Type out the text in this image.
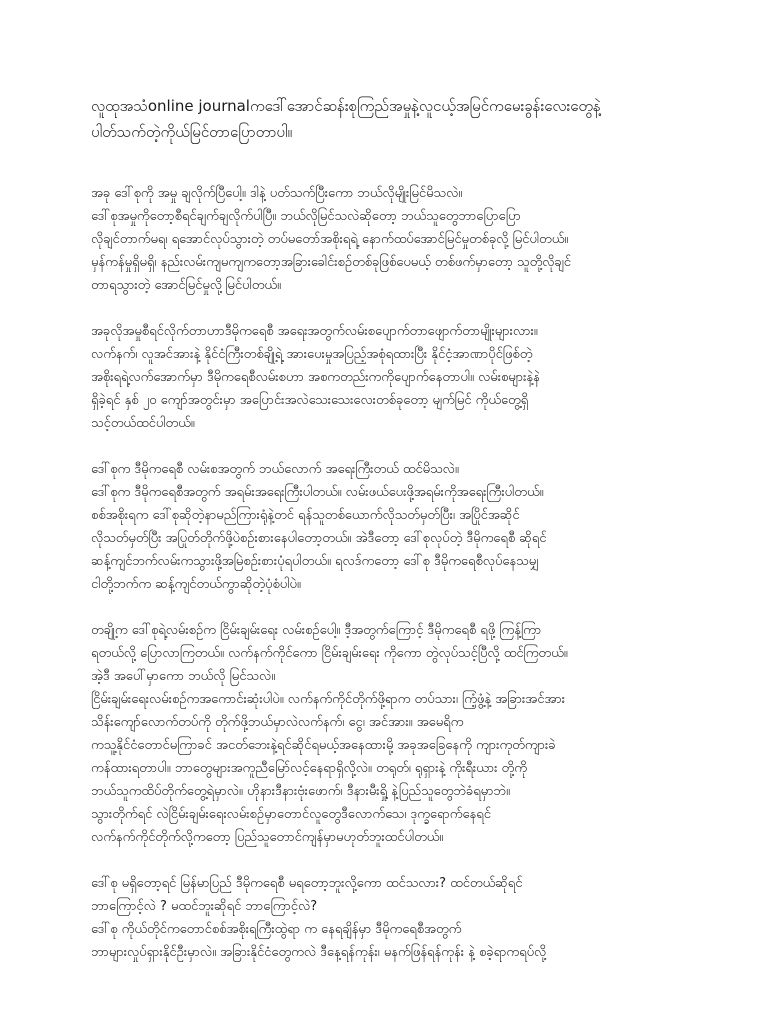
လူထုအသံonline journalကဒေါ်အောင်ဆန်းစုကြည်အမှုနဲ့လူငယ့်အမြင်ကမေးခွန်းလေးတွေနဲ့
ပါတ်သက်တဲ့ကိုယ်မြင်တာပြောတာပါ။

အခု ဒေါ်စုကို အမှု ချလိုက်ပြီပေါ့။ ဒါနဲ့ ပတ်သက်ပြီးကော ဘယ်လိုမျိုးမြင်မိသလဲ။
ဒေါ်စုအမှုကိုတော့စီရင်ချက်ချလိုက်ပါပြီ။ ဘယ်လိုမြင်သလဲဆိုတော့ ဘယ်သူတွေဘာပြောပြော
လိုချင်တာက်မရ၊ ရအောင်လုပ်သွားတဲ့ တပ်မတော်အစိုးရရဲ့ နောက်ထပ်အောင်မြင်မှုတစ်ခုလို့ မြင်ပါတယ်။
မှန်ကန်မှုရှိမရှိ၊ နည်းလမ်းကျမကျကတော့အခြားခေါင်းစဉ်တစ်ခုဖြစ်ပေမယ့် တစ်ဖက်မှာတော့ သူတို့လိုချင်
တာရသွားတဲ့ အောင်မြင်မှုလို့မြင်ပါတယ်။

အခုလိုအမှုစီရင်လိုက်တာဟာဒီမိုကရေစီ အရေးအတွက်လမ်းစပျောက်တာဖျောက်တာမျိုးများလား။
လက်နက်၊ လူအင်အားနဲ့ နိုင်ငံကြီးတစ်ချို့ရဲ့ အားပေးမှုအပြည့်အစုံရထားပြီး နိုင်ငံ့အာဏာပိုင်ဖြစ်တဲ့
အစိုးရရဲ့လက်အောက်မှာ ဒီမိုကရေစီလမ်းစဟာ အစကတည်းကကိုပျောက်နေတာပါ။ လမ်းစများနဲ့နဲ
ရှိခဲ့ရင် နှစ် ၂၀ ကျော်အတွင်းမှာ အပြောင်းအလဲသေးသေးလေးတစ်ခုတော့ မျက်မြင် ကိုယ်တွေ့ရှိ
သင့်တယ်ထင်ပါတယ်။

ဒေါ်စုက ဒီမိုကရေစီ လမ်းစအတွက် ဘယ်လောက် အရေးကြီးတယ် ထင်မိသလဲ။
ဒေါ်စုက ဒီမိုကရေစီအတွက် အရမ်းအရေးကြီးပါတယ်။ လမ်းဖယ်ပေးဖို့အရမ်းကိုအရေးကြီးပါတယ်။
စစ်အစိုးရက ဒေါ်စုဆိုတဲ့နာမည်ကြားရုံနဲ့တင် ရန်သူတစ်ယောက်လိုသတ်မှတ်ပြီး၊ အပြိုင်အဆိုင်
လိုသတ်မှတ်ပြီး အပြုတ်တိုက်ဖို့ပဲစဉ်းစားနေပါတော့တယ်။ အဲဒီတော့ ဒေါ်စုလုပ်တဲ့ ဒီမိုကရေစီ ဆိုရင်
ဆန့်ကျင်ဘက်လမ်းကသွားဖို့အမြဲစဉ်းစားပုံရပါတယ်။ ရလဒ်ကတော့ ဒေါ်စု ဒီမိုကရေစီလုပ်နေသမျှ
ငါတို့ဘက်က ဆန့်ကျင်တယ်ကွာဆိုတဲ့ပုံစံပါပဲ။

တချို့က ဒေါ်စုရဲ့လမ်းစဉ်က ငြိမ်းချမ်းရေး လမ်းစဉ်ပေါ့။ ဒီ့အတွက်ကြောင့် ဒီမိုကရေစီ ရဖို့ ကြန့်ကြာ
ရတယ်လို့ ပြောလာကြတယ်။ လက်နက်ကိုင်ကော ငြိမ်းချမ်းရေး ကိုကော တွဲလုပ်သင့်ပြီလို့ ထင်ကြတယ်။
အဲ့ဒီ အပေါ်မှာကော ဘယ်လို မြင်သလဲ။
ငြိမ်းချမ်းရေးလမ်းစဉ်ကအကောင်းဆုံးပါပဲ။ လက်နက်ကိုင်တိုက်ဖို့ရာက တပ်သား၊ ကြံ့ဖွံ့နဲ့ အခြားအင်အား
သိန်းကျော်လောက်တပ်ကို တိုက်ဖို့ဘယ်မှာလဲလက်နက်၊ ငွေ၊ အင်အား။ အမေရိက
ကသူ့နိုင်ငံတောင်မကြာခင် အငတ်ဘေးနဲ့ရင်ဆိုင်ရမယ့်အနေထားမို့ အခုအခြေနေကို ကျားကုတ်ကျားခဲ
ကန်ထားရတာပါ။ ဘာတွေများအကူညီမြော်လင့်နေရာရှိလို့လဲ။ တရုတ်၊ ရုရှားနဲ့ ကိုးရီးယား တို့ကို
ဘယ်သူကထိပ်တိုက်တွေ့ရဲမှာလဲ။ ဟိုနားဒီနားဗုံးဖောက်၊ ဒီနားမီးရှို့ နဲ့ပြည်သူတွေဘဲခံရမှာဘဲ။
သွားတိုက်ရင် လဲငြိမ်းချမ်းရေးလမ်းစဉ်မှာတောင်လူတွေဒီလောက်သေ၊ ဒုက္ခရောက်နေရင်
လက်နက်ကိုင်တိုက်လို့ကတော့ ပြည်သူတောင်ကျန်မှာမဟုတ်ဘူးထင်ပါတယ်။

ဒေါ်စု မရှိတော့ရင် မြန်မာပြည် ဒီမိုကရေစီ မရတော့ဘူးလို့ကော ထင်သလား? ထင်တယ်ဆိုရင်
ဘာကြောင့်လဲ ? မထင်ဘူးဆိုရင် ဘာကြောင့်လဲ?
ဒေါ်စု ကိုယ်တိုင်ကတောင်စစ်အစိုးရကြီးထွဲရာ က နေရချိန်မှာ ဒီမိုကရေစီအတွက်
ဘာများလှုပ်ရှားနိုင်ဦးမှာလဲ။ အခြားနိုင်ငံတွေကလဲ ဒီနေ့ရန်ကုန်း၊ မနက်ဖြန်ရန်ကုန်း နဲ့ စခဲ့ရာကရပ်လို့
